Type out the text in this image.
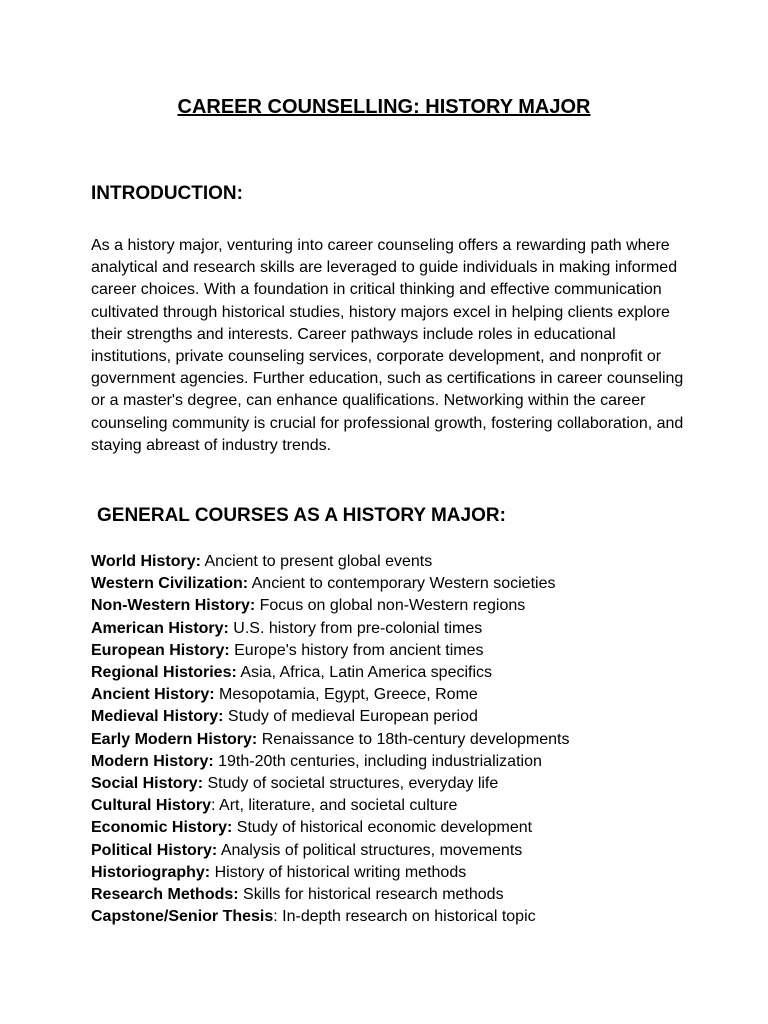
CAREER COUNSELLING: HISTORY MAJOR
INTRODUCTION:

As a history major, venturing into career counseling offers a rewarding path where analytical and research skills are leveraged to guide individuals in making informed career choices. With a foundation in critical thinking and effective communication cultivated through historical studies, history majors excel in helping clients explore their strengths and interests. Career pathways include roles in educational institutions, private counseling services, corporate development, and nonprofit or government agencies. Further education, such as certifications in career counseling or a master's degree, can enhance qualifications. Networking within the career counseling community is crucial for professional growth, fostering collaboration, and staying abreast of industry trends.

GENERAL COURSES AS A HISTORY MAJOR:
World History: Ancient to present global events
Western Civilization: Ancient to contemporary Western societies
Non-Western History: Focus on global non-Western regions
American History: U.S. history from pre-colonial times
European History: Europe's history from ancient times
Regional Histories: Asia, Africa, Latin America specifics
Ancient History: Mesopotamia, Egypt, Greece, Rome
Medieval History: Study of medieval European period
Early Modern History: Renaissance to 18th-century developments
Modern History: 19th-20th centuries, including industrialization
Social History: Study of societal structures, everyday life
Cultural History: Art, literature, and societal culture
Economic History: Study of historical economic development
Political History: Analysis of political structures, movements
Historiography: History of historical writing methods
Research Methods: Skills for historical research methods
Capstone/Senior Thesis: In-depth research on historical topic
